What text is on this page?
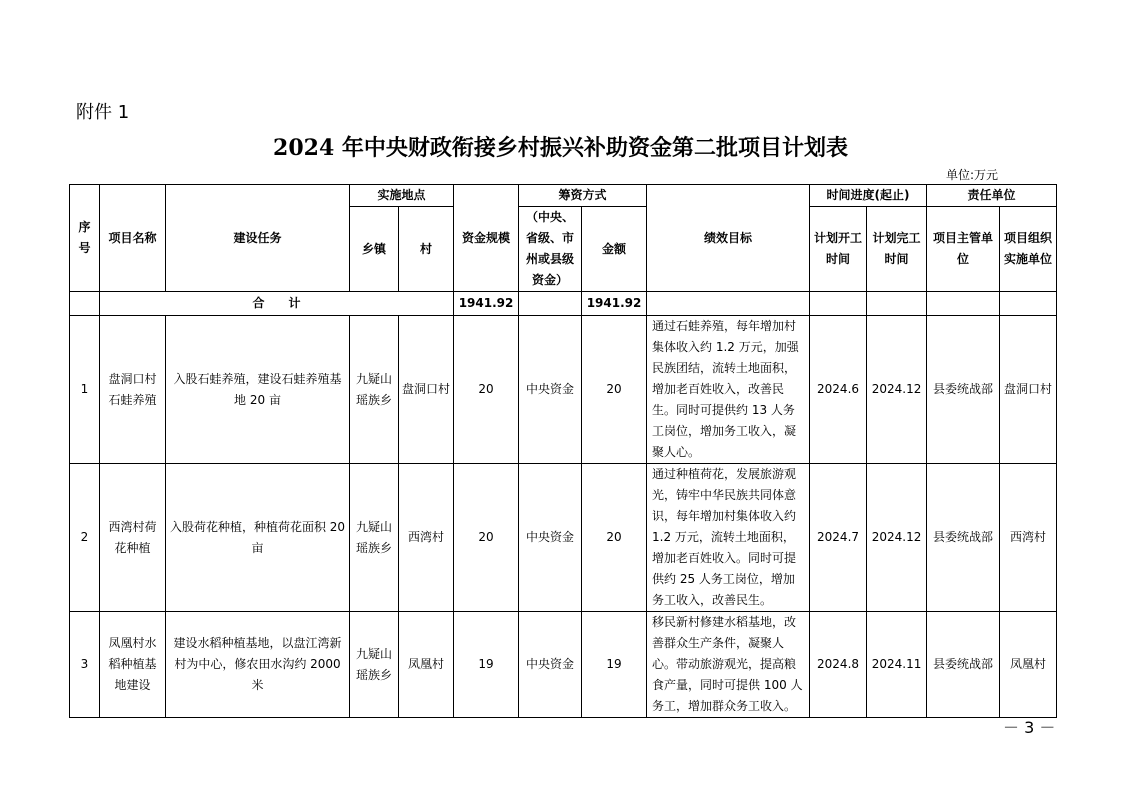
附件 1
2024 年中央财政衔接乡村振兴补助资金第二批项目计划表
单位:万元
序号	项目名称	建设任务	实施地点		资金规模	筹资方式		绩效目标	时间进度(起止)		责任单位	
			乡镇	村		（中央、省级、市州或县级资金）	金额		计划开工时间	计划完工时间	项目主管单位	项目组织实施单位
	合　　计				1941.92		1941.92					
1	盘洞口村石蛙养殖	入股石蛙养殖，建设石蛙养殖基地 20 亩	九疑山瑶族乡	盘洞口村	20	中央资金	20	通过石蛙养殖，每年增加村集体收入约 1.2 万元，加强民族团结，流转土地面积，增加老百姓收入，改善民生。同时可提供约 13 人务工岗位，增加务工收入，凝聚人心。	2024.6	2024.12	县委统战部	盘洞口村
2	西湾村荷花种植	入股荷花种植，种植荷花面积 20 亩	九疑山瑶族乡	西湾村	20	中央资金	20	通过种植荷花，发展旅游观光，铸牢中华民族共同体意识，每年增加村集体收入约 1.2 万元，流转土地面积，增加老百姓收入。同时可提供约 25 人务工岗位，增加务工收入，改善民生。	2024.7	2024.12	县委统战部	西湾村
3	凤凰村水稻种植基地建设	建设水稻种植基地，以盘江湾新村为中心，修农田水沟约 2000 米	九疑山瑶族乡	凤凰村	19	中央资金	19	移民新村修建水稻基地，改善群众生产条件，凝聚人心。带动旅游观光，提高粮食产量，同时可提供 100 人务工，增加群众务工收入。	2024.8	2024.11	县委统战部	凤凰村
－ 3 －
